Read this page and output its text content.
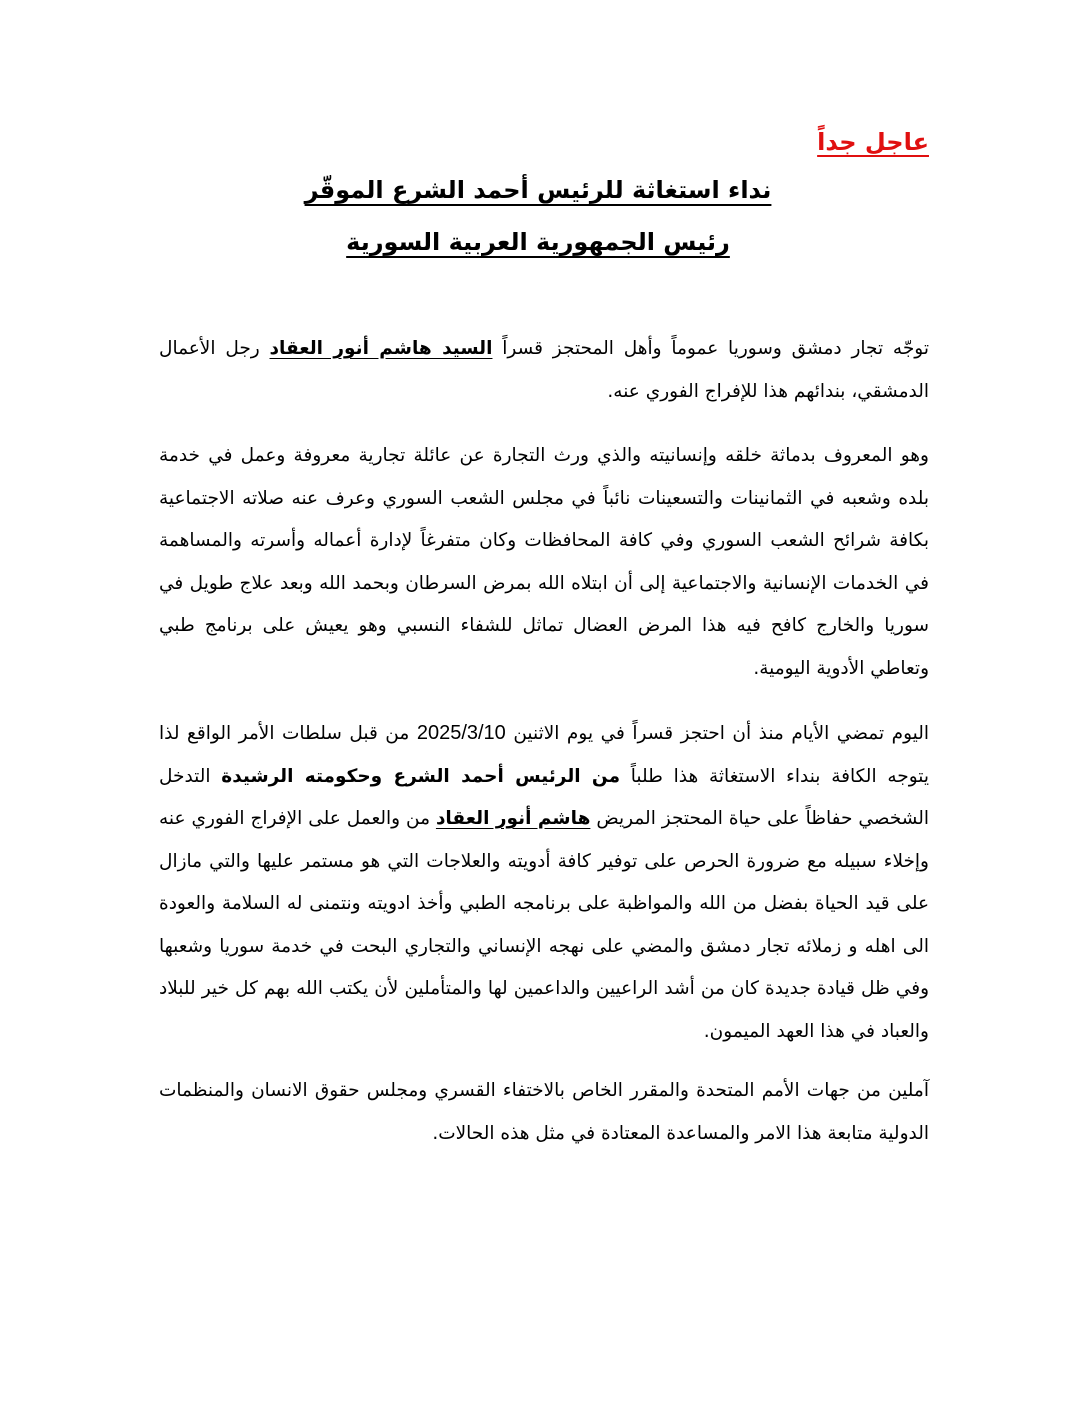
عاجل جداً

نداء استغاثة للرئيس أحمد الشرع الموقّر

رئيس الجمهورية العربية السورية

توجّه تجار دمشق وسوريا عموماً وأهل المحتجز قسراً السيد هاشم أنور العقاد رجل الأعمال الدمشقي، بندائهم هذا للإفراج الفوري عنه.

وهو المعروف بدماثة خلقه وإنسانيته والذي ورث التجارة عن عائلة تجارية معروفة وعمل في خدمة بلده وشعبه في الثمانينات والتسعينات نائباً في مجلس الشعب السوري وعرف عنه صلاته الاجتماعية بكافة شرائح الشعب السوري وفي كافة المحافظات وكان متفرغاً لإدارة أعماله وأسرته والمساهمة في الخدمات الإنسانية والاجتماعية إلى أن ابتلاه الله بمرض السرطان وبحمد الله وبعد علاج طويل في سوريا والخارج كافح فيه هذا المرض العضال تماثل للشفاء النسبي وهو يعيش على برنامج طبي وتعاطي الأدوية اليومية.

اليوم تمضي الأيام منذ أن احتجز قسراً في يوم الاثنين 2025/3/10 من قبل سلطات الأمر الواقع لذا يتوجه الكافة بنداء الاستغاثة هذا طلباً من الرئيس أحمد الشرع وحكومته الرشيدة التدخل الشخصي حفاظاً على حياة المحتجز المريض هاشم أنور العقاد من والعمل على الإفراج الفوري عنه وإخلاء سبيله مع ضرورة الحرص على توفير كافة أدويته والعلاجات التي هو مستمر عليها والتي مازال على قيد الحياة بفضل من الله والمواظبة على برنامجه الطبي وأخذ ادويته ونتمنى له السلامة والعودة الى اهله و زملائه تجار دمشق والمضي على نهجه الإنساني والتجاري البحت في خدمة سوريا وشعبها وفي ظل قيادة جديدة كان من أشد الراعيين والداعمين لها والمتأملين لأن يكتب الله بهم كل خير للبلاد والعباد في هذا العهد الميمون.

آملين من جهات الأمم المتحدة والمقرر الخاص بالاختفاء القسري ومجلس حقوق الانسان والمنظمات الدولية متابعة هذا الامر والمساعدة المعتادة في مثل هذه الحالات.
